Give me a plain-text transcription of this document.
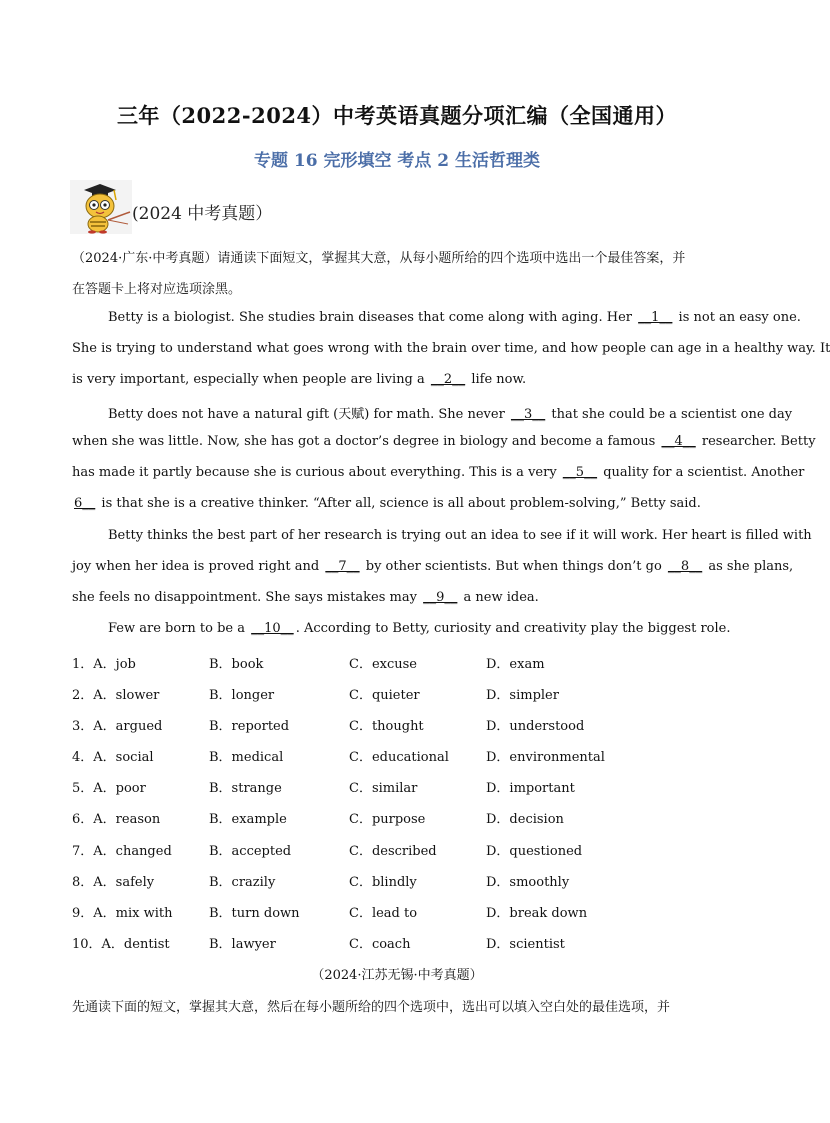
三年（2022-2024）中考英语真题分项汇编（全国通用）
专题 16 完形填空 考点 2 生活哲理类
(2024 中考真题）
（2024·广东·中考真题）请通读下面短文，掌握其大意，从每小题所给的四个选项中选出一个最佳答案，并
在答题卡上将对应选项涂黑。
Betty is a biologist. She studies brain diseases that come along with aging. Her __1__ is not an easy one.
She is trying to understand what goes wrong with the brain over time, and how people can age in a healthy way. It
is very important, especially when people are living a __2__ life now.
Betty does not have a natural gift (天赋) for math. She never __3__ that she could be a scientist one day
when she was little. Now, she has got a doctor’s degree in biology and become a famous __4__ researcher. Betty
has made it partly because she is curious about everything. This is a very __5__ quality for a scientist. Another
6__ is that she is a creative thinker. “After all, science is all about problem-solving,” Betty said.
Betty thinks the best part of her research is trying out an idea to see if it will work. Her heart is filled with
joy when her idea is proved right and __7__ by other scientists. But when things don’t go __8__ as she plans,
she feels no disappointment. She says mistakes may __9__ a new idea.
Few are born to be a __10__ . According to Betty, curiosity and creativity play the biggest role.
1．A．job	B．book	C．excuse	D．exam
2．A．slower	B．longer	C．quieter	D．simpler
3．A．argued	B．reported	C．thought	D．understood
4．A．social	B．medical	C．educational	D．environmental
5．A．poor	B．strange	C．similar	D．important
6．A．reason	B．example	C．purpose	D．decision
7．A．changed	B．accepted	C．described	D．questioned
8．A．safely	B．crazily	C．blindly	D．smoothly
9．A．mix with	B．turn down	C．lead to	D．break down
10．A．dentist	B．lawyer	C．coach	D．scientist
（2024·江苏无锡·中考真题）
先通读下面的短文，掌握其大意，然后在每小题所给的四个选项中，选出可以填入空白处的最佳选项，并
